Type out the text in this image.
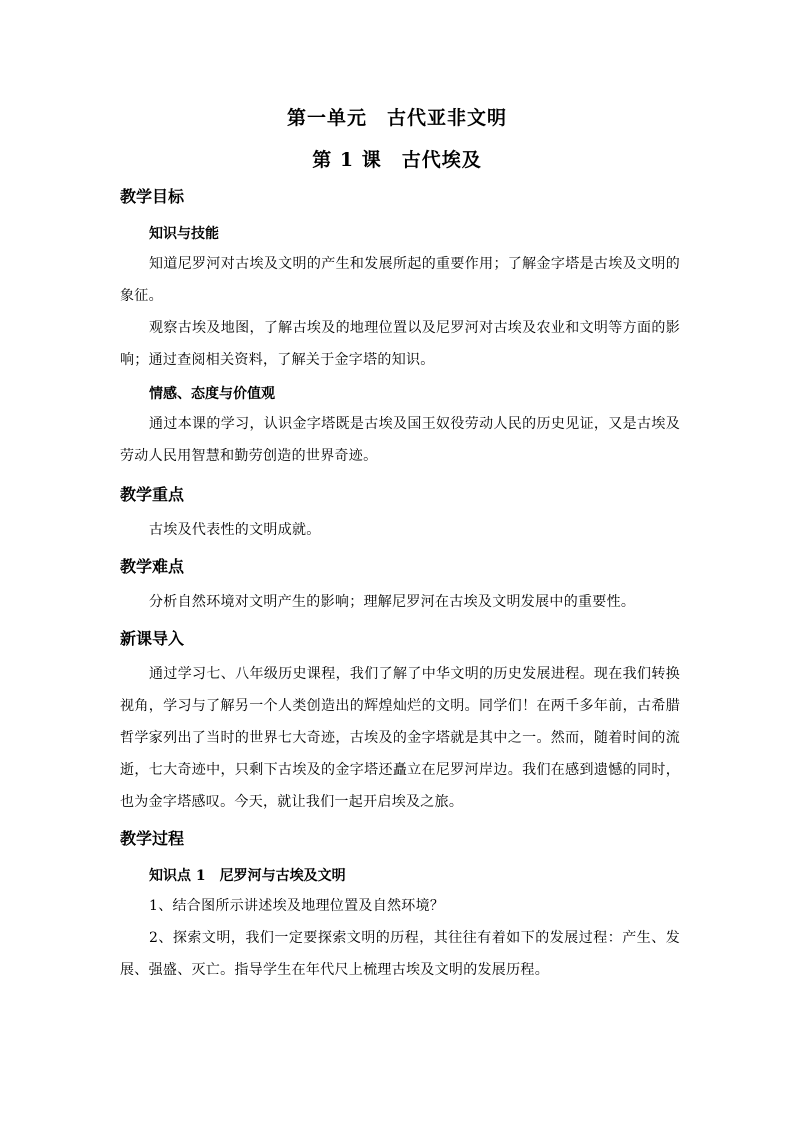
第一单元　古代亚非文明
第 1 课　古代埃及

教学目标

知识与技能

知道尼罗河对古埃及文明的产生和发展所起的重要作用；了解金字塔是古埃及文明的象征。

观察古埃及地图，了解古埃及的地理位置以及尼罗河对古埃及农业和文明等方面的影响；通过查阅相关资料，了解关于金字塔的知识。

情感、态度与价值观

通过本课的学习，认识金字塔既是古埃及国王奴役劳动人民的历史见证，又是古埃及劳动人民用智慧和勤劳创造的世界奇迹。

教学重点

古埃及代表性的文明成就。

教学难点

分析自然环境对文明产生的影响；理解尼罗河在古埃及文明发展中的重要性。

新课导入

通过学习七、八年级历史课程，我们了解了中华文明的历史发展进程。现在我们转换视角，学习与了解另一个人类创造出的辉煌灿烂的文明。同学们！在两千多年前，古希腊哲学家列出了当时的世界七大奇迹，古埃及的金字塔就是其中之一。然而，随着时间的流逝，七大奇迹中，只剩下古埃及的金字塔还矗立在尼罗河岸边。我们在感到遗憾的同时，也为金字塔感叹。今天，就让我们一起开启埃及之旅。

教学过程

知识点 1　尼罗河与古埃及文明

1、结合图所示讲述埃及地理位置及自然环境？

2、探索文明，我们一定要探索文明的历程，其往往有着如下的发展过程：产生、发展、强盛、灭亡。指导学生在年代尺上梳理古埃及文明的发展历程。
